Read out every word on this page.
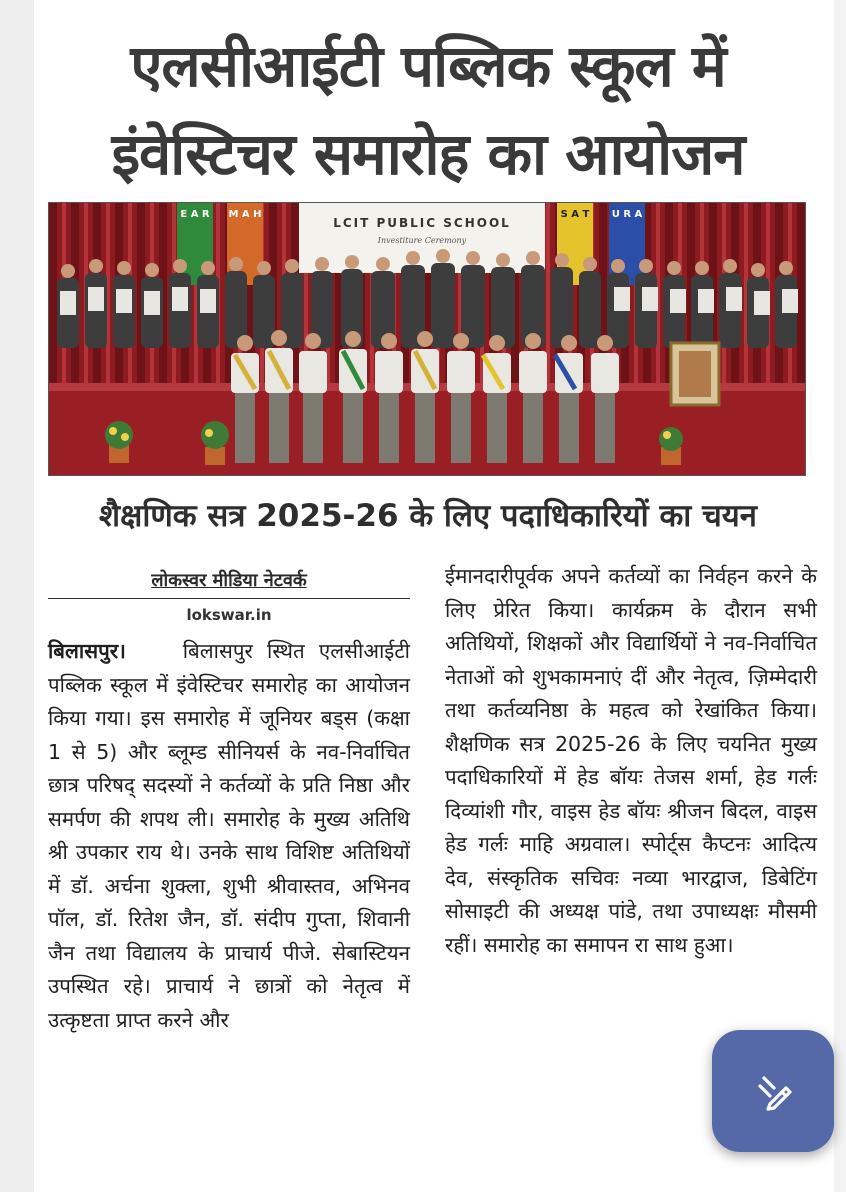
एलसीआईटी पब्लिक स्कूल में
इंवेस्टिचर समारोह का आयोजन
LCIT PUBLIC SCHOOL
Investiture Ceremony
E A R M A H	S A T U R A
शैक्षणिक सत्र 2025-26 के लिए पदाधिकारियों का चयन
लोकस्वर मीडिया नेटवर्क
lokswar.in

बिलासपुर।	बिलासपुर स्थित एलसीआईटी पब्लिक स्कूल में इंवेस्टिचर समारोह का आयोजन किया गया। इस समारोह में जूनियर बड्स (कक्षा 1 से 5) और ब्लूम्ड सीनियर्स के नव-निर्वाचित छात्र परिषद् सदस्यों ने कर्तव्यों के प्रति निष्ठा और समर्पण की शपथ ली। समारोह के मुख्य अतिथि श्री उपकार राय थे। उनके साथ विशिष्ट अतिथियों में डॉ. अर्चना शुक्ला, शुभी श्रीवास्तव, अभिनव पॉल, डॉ. रितेश जैन, डॉ. संदीप गुप्ता, शिवानी जैन तथा विद्यालय के प्राचार्य पीजे. सेबास्टियन उपस्थित रहे। प्राचार्य ने छात्रों को नेतृत्व में उत्कृष्टता प्राप्त करने और

ईमानदारीपूर्वक अपने कर्तव्यों का निर्वहन करने के लिए प्रेरित किया। कार्यक्रम के दौरान सभी अतिथियों, शिक्षकों और विद्यार्थियों ने नव-निर्वाचित नेताओं को शुभकामनाएं दीं और नेतृत्व, ज़िम्मेदारी तथा कर्तव्यनिष्ठा के महत्व को रेखांकित किया। शैक्षणिक सत्र 2025-26 के लिए चयनित मुख्य पदाधिकारियों में हेड बॉयः तेजस शर्मा, हेड गर्लः दिव्यांशी गौर, वाइस हेड बॉयः श्रीजन बिदल, वाइस हेड गर्लः माहि अग्रवाल। स्पोर्ट्स कैप्टनः आदित्य देव, संस्कृतिक सचिवः नव्या भारद्वाज, डिबेटिंग सोसाइटी की अध्यक्ष पांडे, तथा उपाध्यक्षः मौसमी रहीं। समारोह का समापन रा साथ हुआ।
